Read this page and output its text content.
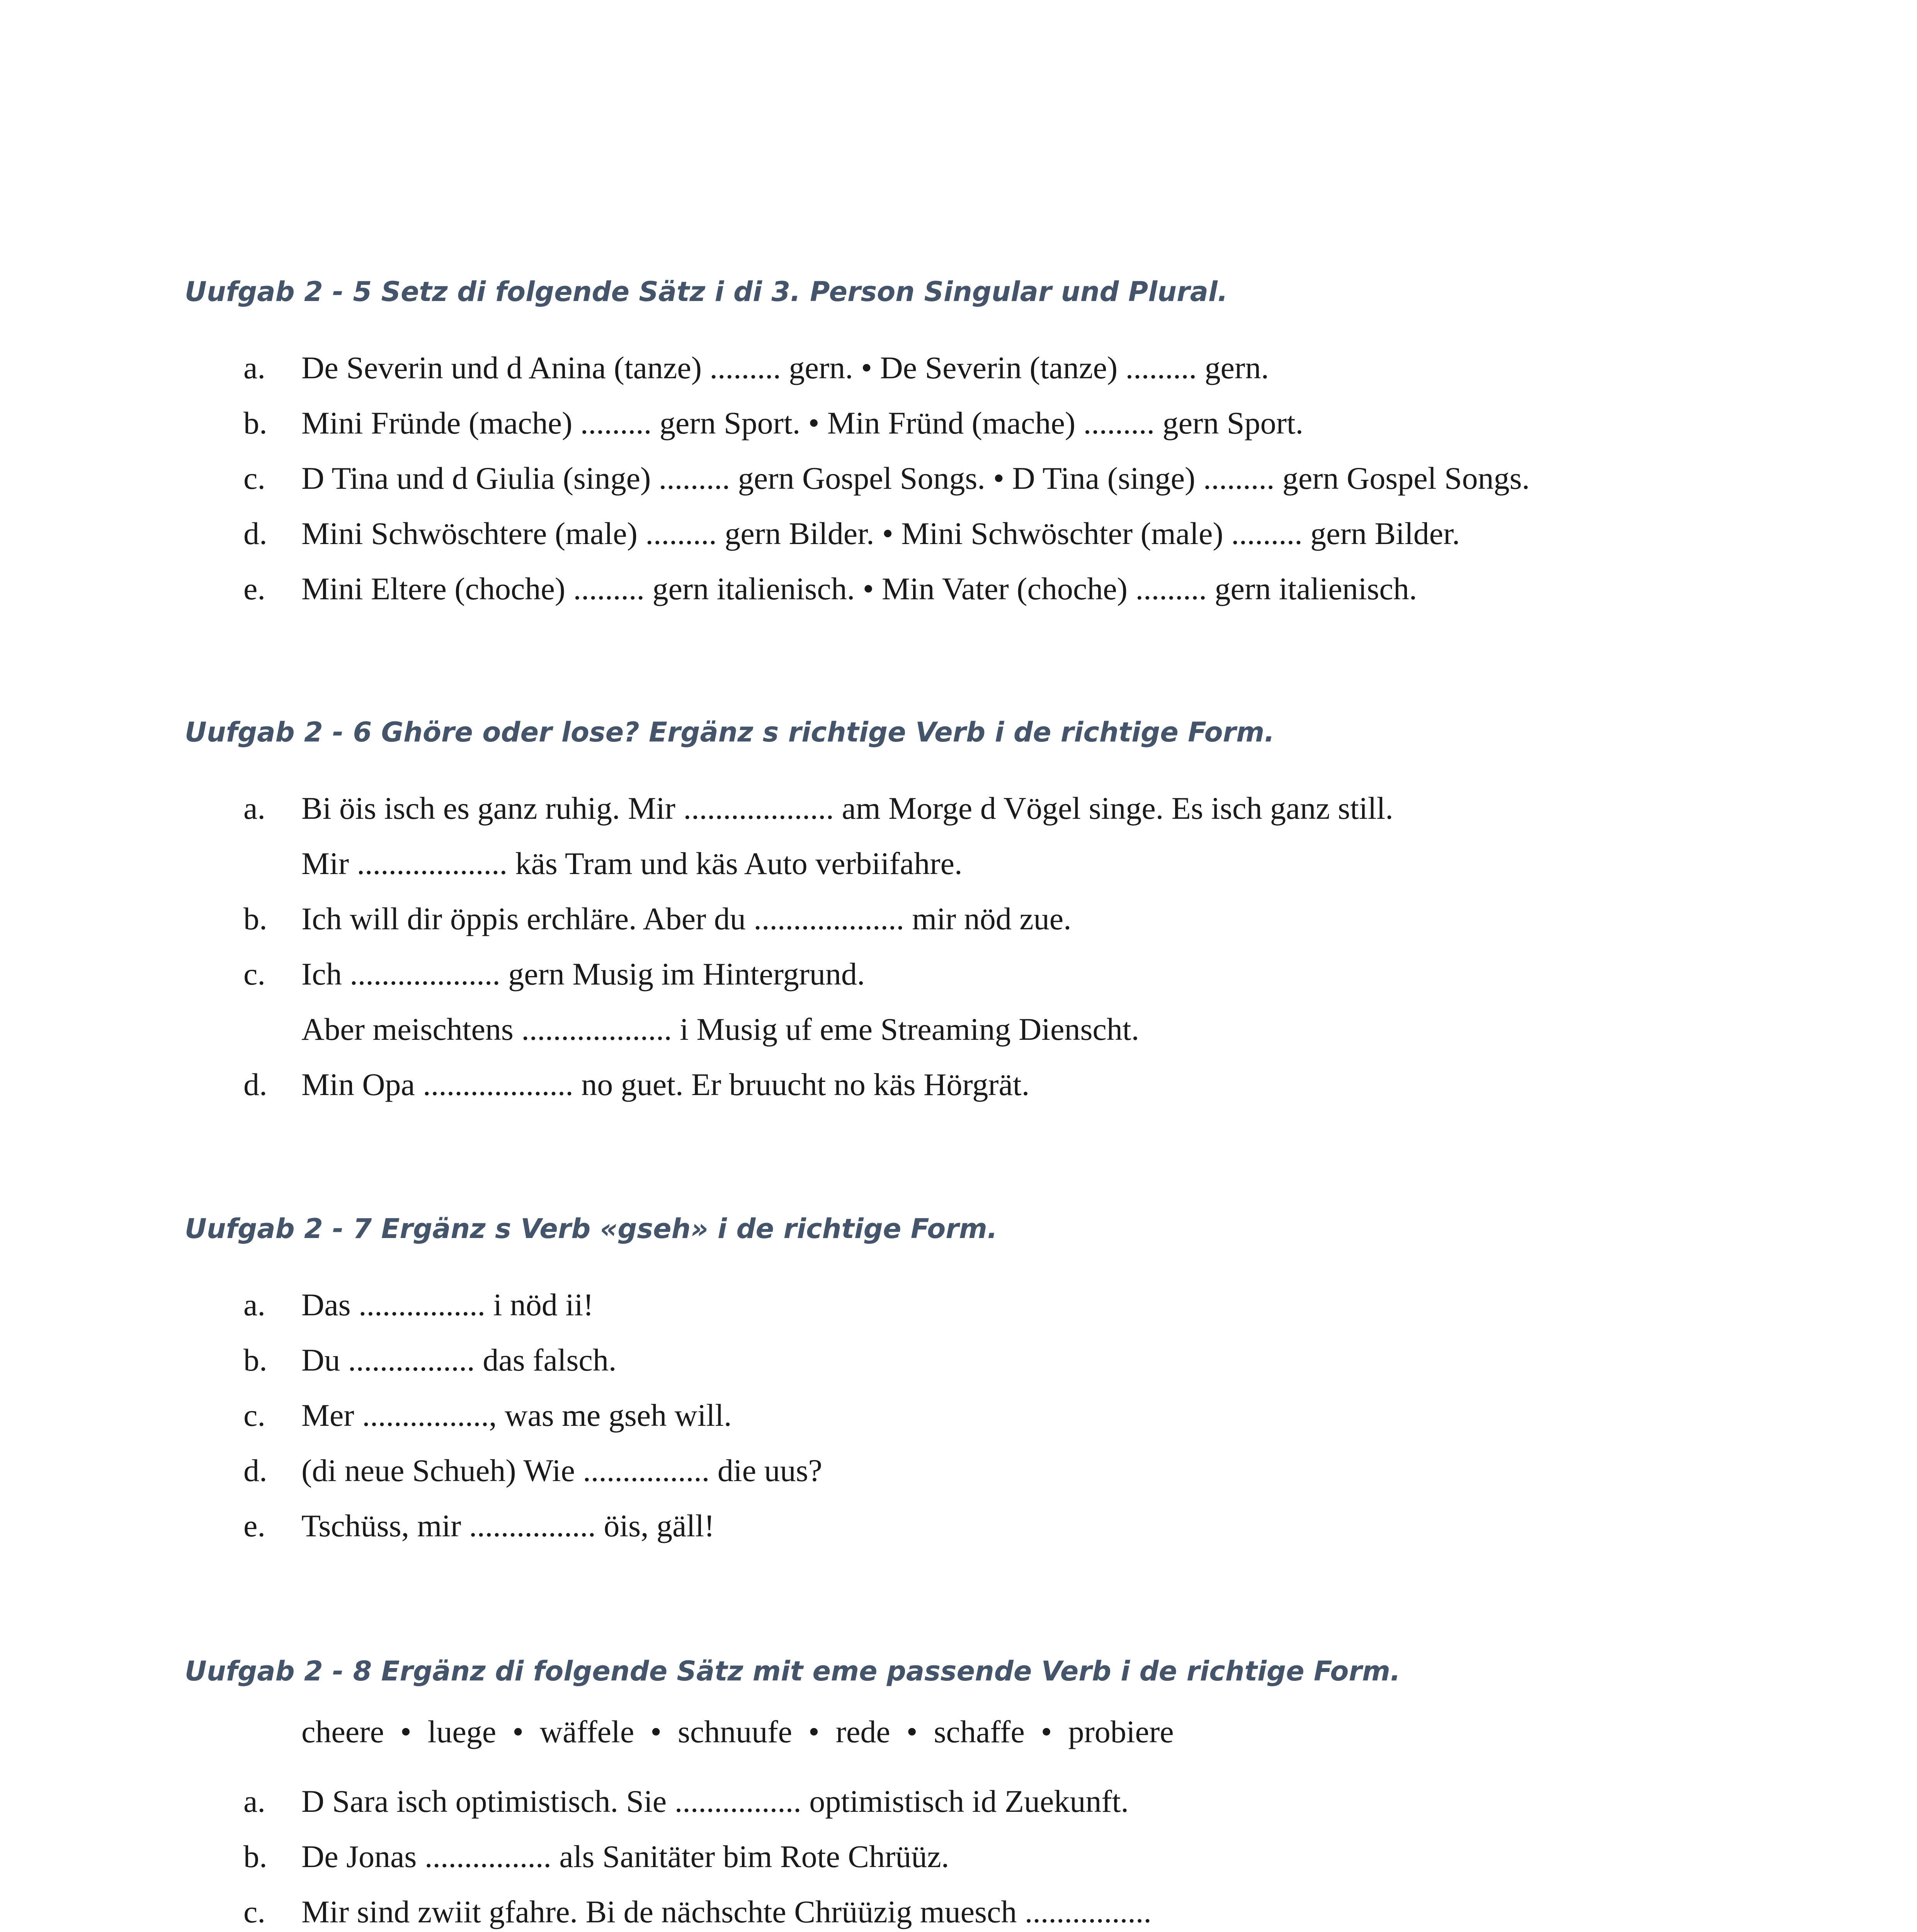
Uufgab 2 - 5 Setz di folgende Sätz i di 3. Person Singular und Plural.
a.	De Severin und d Anina (tanze) ......... gern. • De Severin (tanze) ......... gern.
b.	Mini Fründe (mache) ......... gern Sport. • Min Fründ (mache) ......... gern Sport.
c.	D Tina und d Giulia (singe) ......... gern Gospel Songs. • D Tina (singe) ......... gern Gospel Songs.
d.	Mini Schwöschtere (male) ......... gern Bilder. • Mini Schwöschter (male) ......... gern Bilder.
e.	Mini Eltere (choche) ......... gern italienisch. • Min Vater (choche) ......... gern italienisch.
Uufgab 2 - 6 Ghöre oder lose? Ergänz s richtige Verb i de richtige Form.
a.	Bi öis isch es ganz ruhig. Mir ................... am Morge d Vögel singe. Es isch ganz still.
Mir ................... käs Tram und käs Auto verbiifahre.
b.	Ich will dir öppis erchläre. Aber du ................... mir nöd zue.
c.	Ich ................... gern Musig im Hintergrund.
Aber meischtens ................... i Musig uf eme Streaming Dienscht.
d.	Min Opa ................... no guet. Er bruucht no käs Hörgrät.
Uufgab 2 - 7 Ergänz s Verb «gseh» i de richtige Form.
a.	Das ................ i nöd ii!
b.	Du ................ das falsch.
c.	Mer ................, was me gseh will.
d.	(di neue Schueh) Wie ................ die uus?
e.	Tschüss, mir ................ öis, gäll!
Uufgab 2 - 8 Ergänz di folgende Sätz mit eme passende Verb i de richtige Form.
cheere • luege • wäffele • schnuufe • rede • schaffe • probiere
a.	D Sara isch optimistisch. Sie ................ optimistisch id Zuekunft.
b.	De Jonas ................ als Sanitäter bim Rote Chrüüz.
c.	Mir sind zwiit gfahre. Bi de nächschte Chrüüzig muesch ................
